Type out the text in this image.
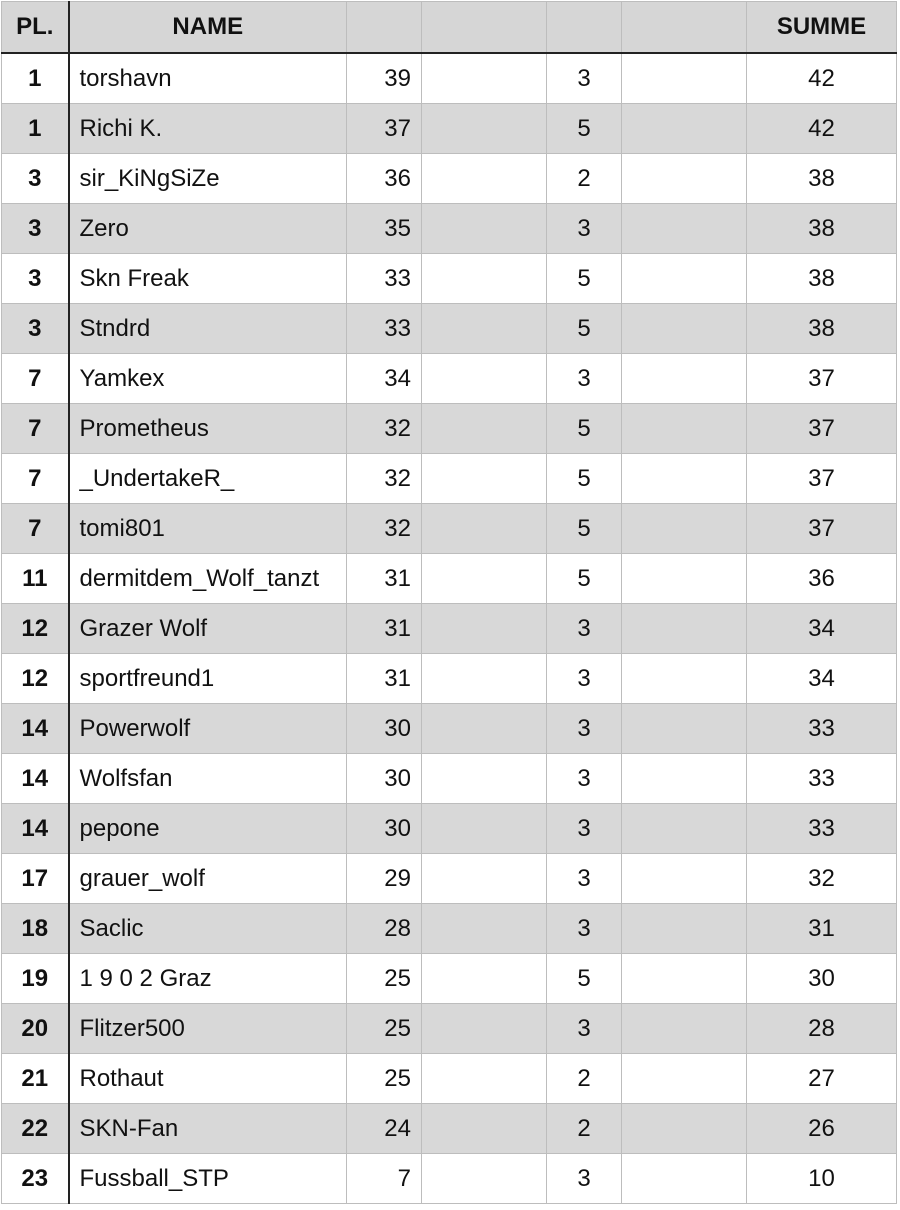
PL.	NAME					SUMME
1	torshavn	39		3		42
1	Richi K.	37		5		42
3	sir_KiNgSiZe	36		2		38
3	Zero	35		3		38
3	Skn Freak	33		5		38
3	Stndrd	33		5		38
7	Yamkex	34		3		37
7	Prometheus	32		5		37
7	_UndertakeR_	32		5		37
7	tomi801	32		5		37
11	dermitdem_Wolf_tanzt	31		5		36
12	Grazer Wolf	31		3		34
12	sportfreund1	31		3		34
14	Powerwolf	30		3		33
14	Wolfsfan	30		3		33
14	pepone	30		3		33
17	grauer_wolf	29		3		32
18	Saclic	28		3		31
19	1 9 0 2 Graz	25		5		30
20	Flitzer500	25		3		28
21	Rothaut	25		2		27
22	SKN-Fan	24		2		26
23	Fussball_STP	7		3		10
